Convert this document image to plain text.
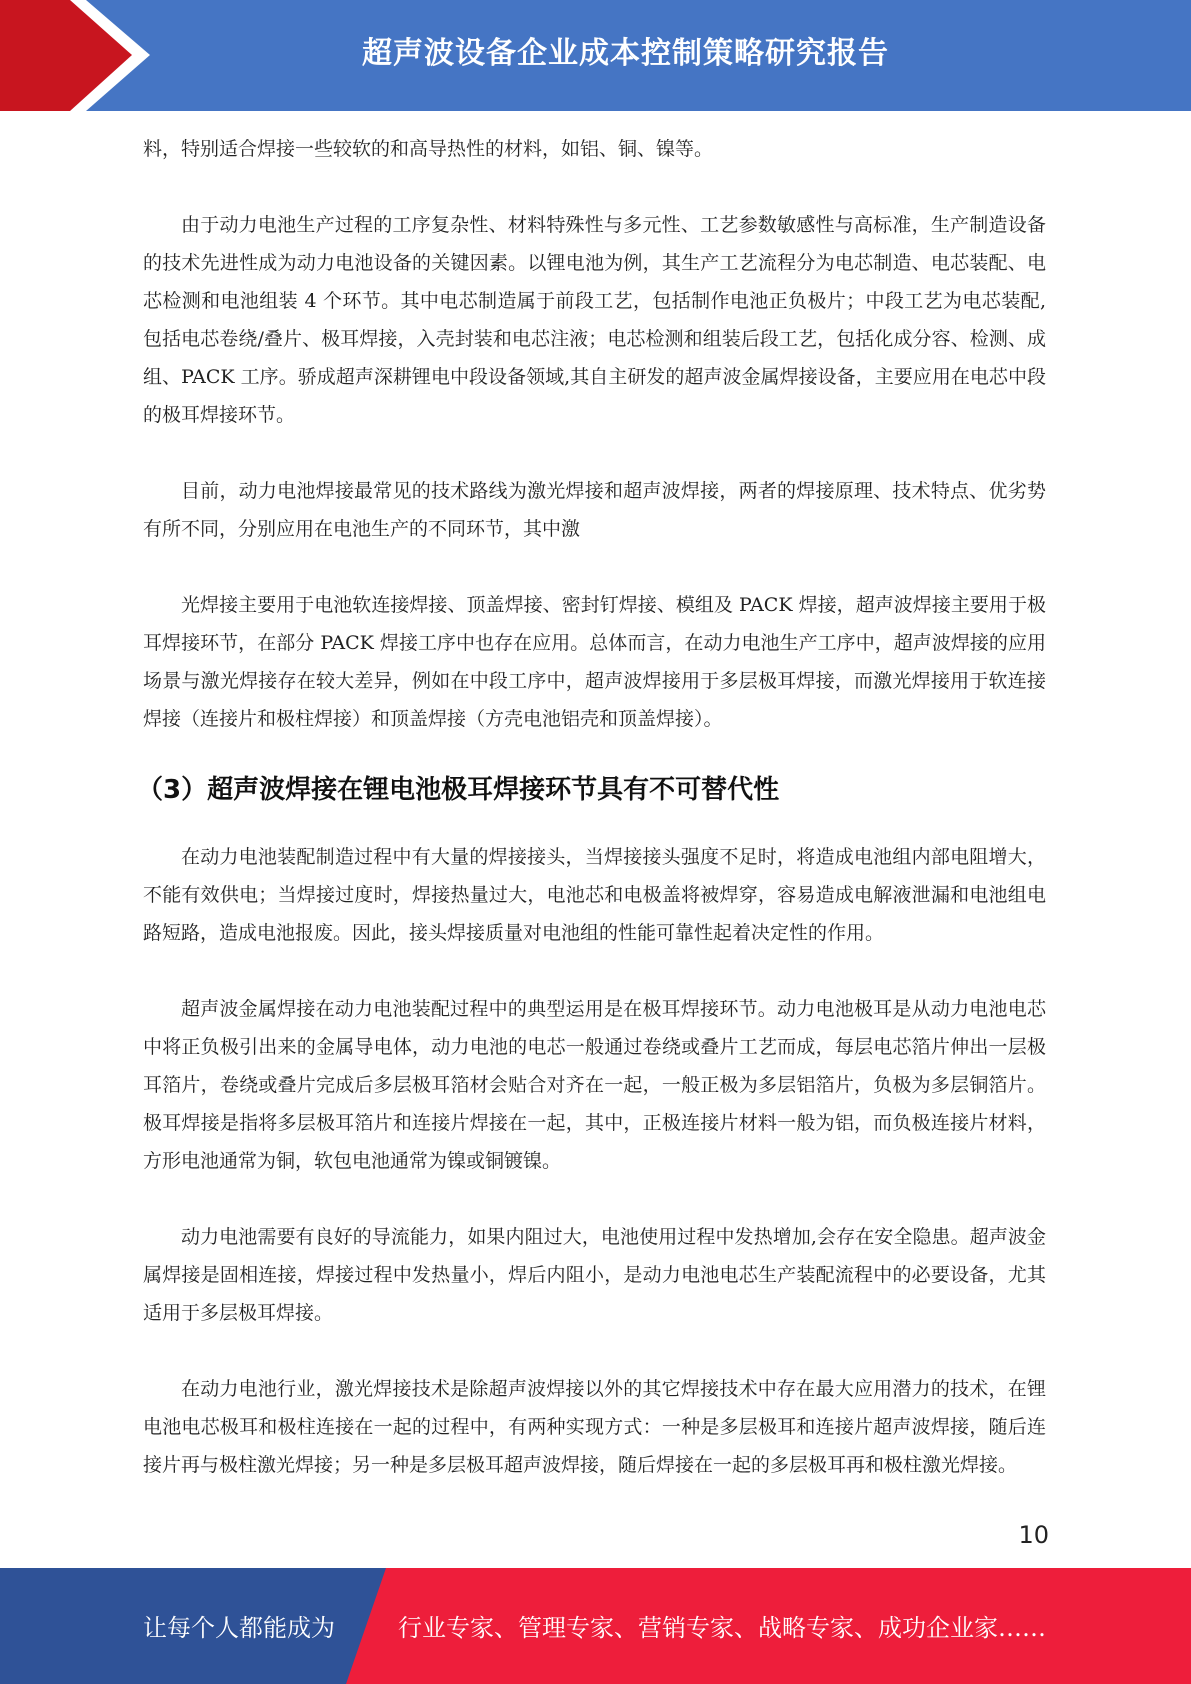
超声波设备企业成本控制策略研究报告

料，特别适合焊接一些较软的和高导热性的材料，如铝、铜、镍等。

由于动力电池生产过程的工序复杂性、材料特殊性与多元性、工艺参数敏感性与高标准，生产制造设备的技术先进性成为动力电池设备的关键因素。以锂电池为例，其生产工艺流程分为电芯制造、电芯装配、电芯检测和电池组装 4 个环节。其中电芯制造属于前段工艺，包括制作电池正负极片；中段工艺为电芯装配,包括电芯卷绕/叠片、极耳焊接，入壳封装和电芯注液；电芯检测和组装后段工艺，包括化成分容、检测、成组、PACK 工序。骄成超声深耕锂电中段设备领域,其自主研发的超声波金属焊接设备，主要应用在电芯中段的极耳焊接环节。

目前，动力电池焊接最常见的技术路线为激光焊接和超声波焊接，两者的焊接原理、技术特点、优劣势有所不同，分别应用在电池生产的不同环节，其中激

光焊接主要用于电池软连接焊接、顶盖焊接、密封钉焊接、模组及 PACK 焊接，超声波焊接主要用于极耳焊接环节，在部分 PACK 焊接工序中也存在应用。总体而言，在动力电池生产工序中，超声波焊接的应用场景与激光焊接存在较大差异，例如在中段工序中，超声波焊接用于多层极耳焊接，而激光焊接用于软连接焊接（连接片和极柱焊接）和顶盖焊接（方壳电池铝壳和顶盖焊接）。

（3）超声波焊接在锂电池极耳焊接环节具有不可替代性

在动力电池装配制造过程中有大量的焊接接头，当焊接接头强度不足时，将造成电池组内部电阻增大，不能有效供电；当焊接过度时，焊接热量过大，电池芯和电极盖将被焊穿，容易造成电解液泄漏和电池组电路短路，造成电池报废。因此，接头焊接质量对电池组的性能可靠性起着决定性的作用。

超声波金属焊接在动力电池装配过程中的典型运用是在极耳焊接环节。动力电池极耳是从动力电池电芯中将正负极引出来的金属导电体，动力电池的电芯一般通过卷绕或叠片工艺而成，每层电芯箔片伸出一层极耳箔片，卷绕或叠片完成后多层极耳箔材会贴合对齐在一起，一般正极为多层铝箔片，负极为多层铜箔片。极耳焊接是指将多层极耳箔片和连接片焊接在一起，其中，正极连接片材料一般为铝，而负极连接片材料，方形电池通常为铜，软包电池通常为镍或铜镀镍。

动力电池需要有良好的导流能力，如果内阻过大，电池使用过程中发热增加,会存在安全隐患。超声波金属焊接是固相连接，焊接过程中发热量小，焊后内阻小，是动力电池电芯生产装配流程中的必要设备，尤其适用于多层极耳焊接。

在动力电池行业，激光焊接技术是除超声波焊接以外的其它焊接技术中存在最大应用潜力的技术，在锂电池电芯极耳和极柱连接在一起的过程中，有两种实现方式：一种是多层极耳和连接片超声波焊接，随后连接片再与极柱激光焊接；另一种是多层极耳超声波焊接，随后焊接在一起的多层极耳再和极柱激光焊接。

10
让每个人都能成为	行业专家、管理专家、营销专家、战略专家、成功企业家……
